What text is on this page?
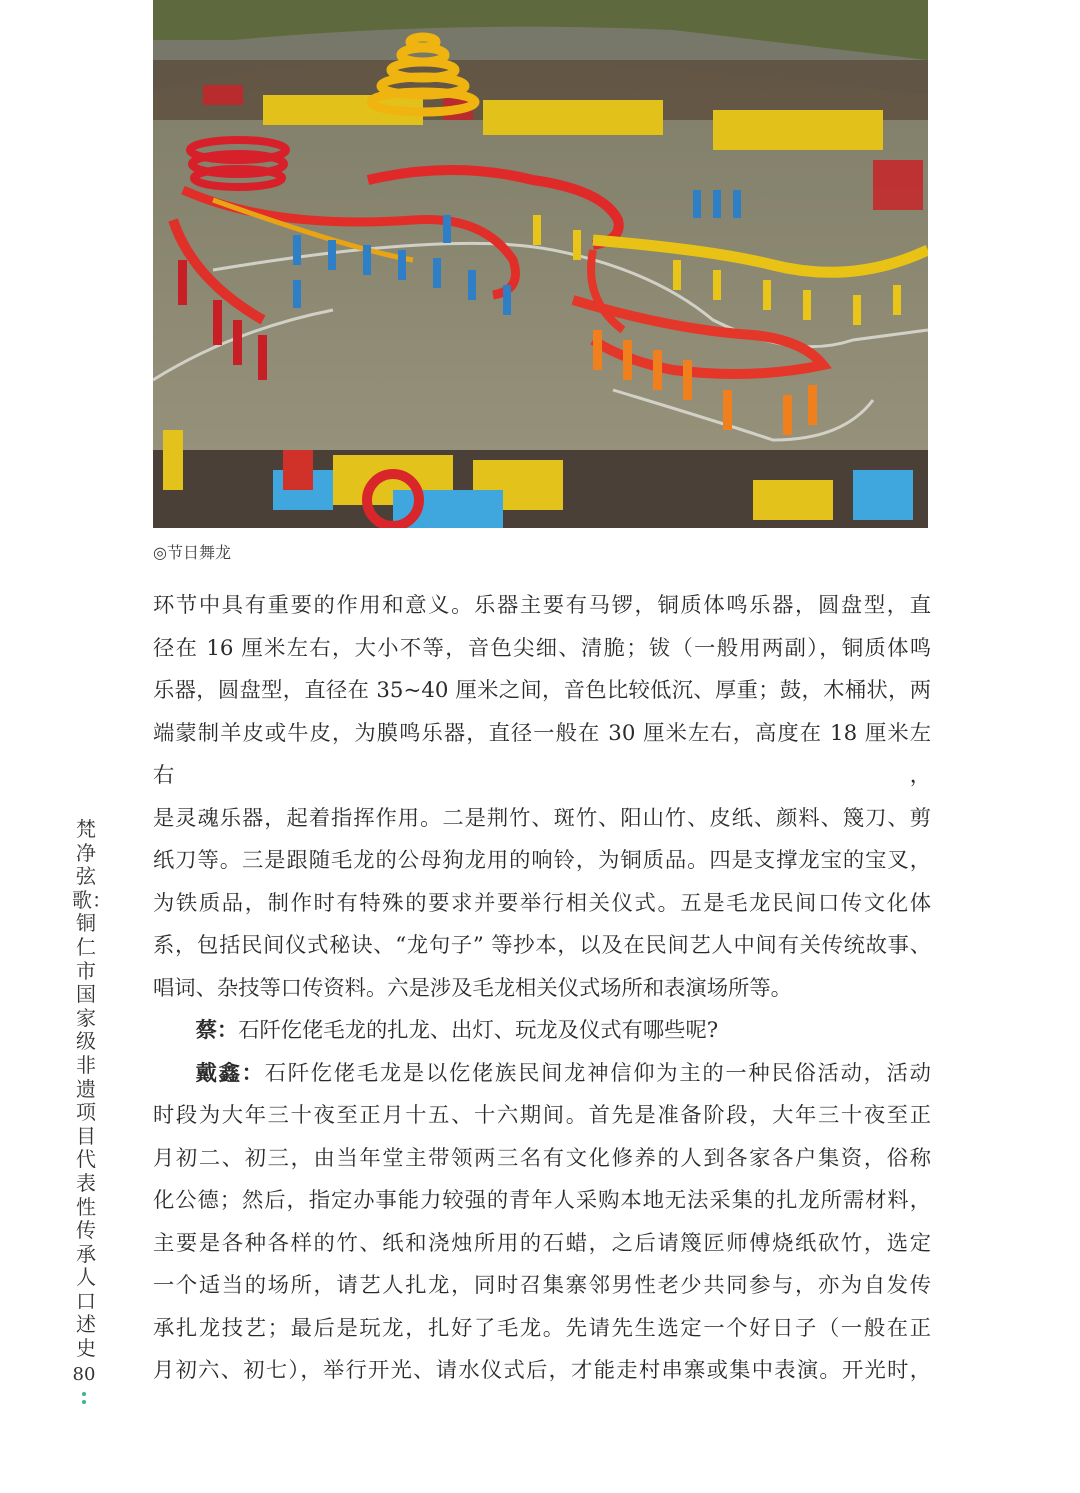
◎节日舞龙

环节中具有重要的作用和意义。乐器主要有马锣，铜质体鸣乐器，圆盘型，直

径在 16 厘米左右，大小不等，音色尖细、清脆；钹（一般用两副），铜质体鸣

乐器，圆盘型，直径在 35~40 厘米之间，音色比较低沉、厚重；鼓，木桶状，两

端蒙制羊皮或牛皮，为膜鸣乐器，直径一般在 30 厘米左右，高度在 18 厘米左右，

是灵魂乐器，起着指挥作用。二是荆竹、斑竹、阳山竹、皮纸、颜料、篾刀、剪

纸刀等。三是跟随毛龙的公母狗龙用的响铃，为铜质品。四是支撑龙宝的宝叉，

为铁质品，制作时有特殊的要求并要举行相关仪式。五是毛龙民间口传文化体

系，包括民间仪式秘诀、“龙句子” 等抄本，以及在民间艺人中间有关传统故事、

唱词、杂技等口传资料。六是涉及毛龙相关仪式场所和表演场所等。

蔡：石阡仡佬毛龙的扎龙、出灯、玩龙及仪式有哪些呢?

戴鑫：石阡仡佬毛龙是以仡佬族民间龙神信仰为主的一种民俗活动，活动

时段为大年三十夜至正月十五、十六期间。首先是准备阶段，大年三十夜至正

月初二、初三，由当年堂主带领两三名有文化修养的人到各家各户集资，俗称

化公德；然后，指定办事能力较强的青年人采购本地无法采集的扎龙所需材料，

主要是各种各样的竹、纸和浇烛所用的石蜡，之后请篾匠师傅烧纸砍竹，选定

一个适当的场所，请艺人扎龙，同时召集寨邻男性老少共同参与，亦为自发传

承扎龙技艺；最后是玩龙，扎好了毛龙。先请先生选定一个好日子（一般在正

月初六、初七），举行开光、请水仪式后，才能走村串寨或集中表演。开光时，

梵净弦歌：铜仁市国家级非遗项目代表性传承人口述史
80
